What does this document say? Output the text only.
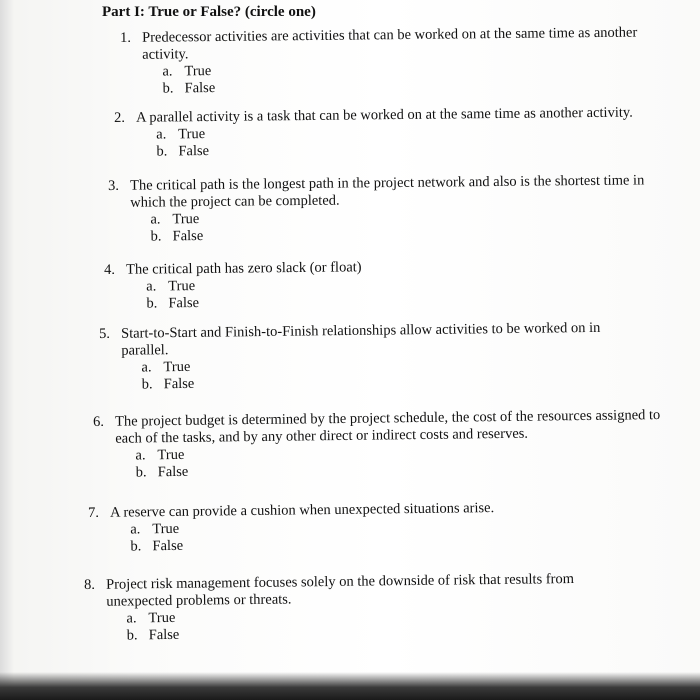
Part I: True or False? (circle one)
1. Predecessor activities are activities that can be worked on at the same time as another activity.
a. True
b. False
2. A parallel activity is a task that can be worked on at the same time as another activity.
a. True
b. False
3. The critical path is the longest path in the project network and also is the shortest time in which the project can be completed.
a. True
b. False
4. The critical path has zero slack (or float)
a. True
b. False
5. Start-to-Start and Finish-to-Finish relationships allow activities to be worked on in parallel.
a. True
b. False
6. The project budget is determined by the project schedule, the cost of the resources assigned to each of the tasks, and by any other direct or indirect costs and reserves.
a. True
b. False
7. A reserve can provide a cushion when unexpected situations arise.
a. True
b. False
8. Project risk management focuses solely on the downside of risk that results from unexpected problems or threats.
a. True
b. False
